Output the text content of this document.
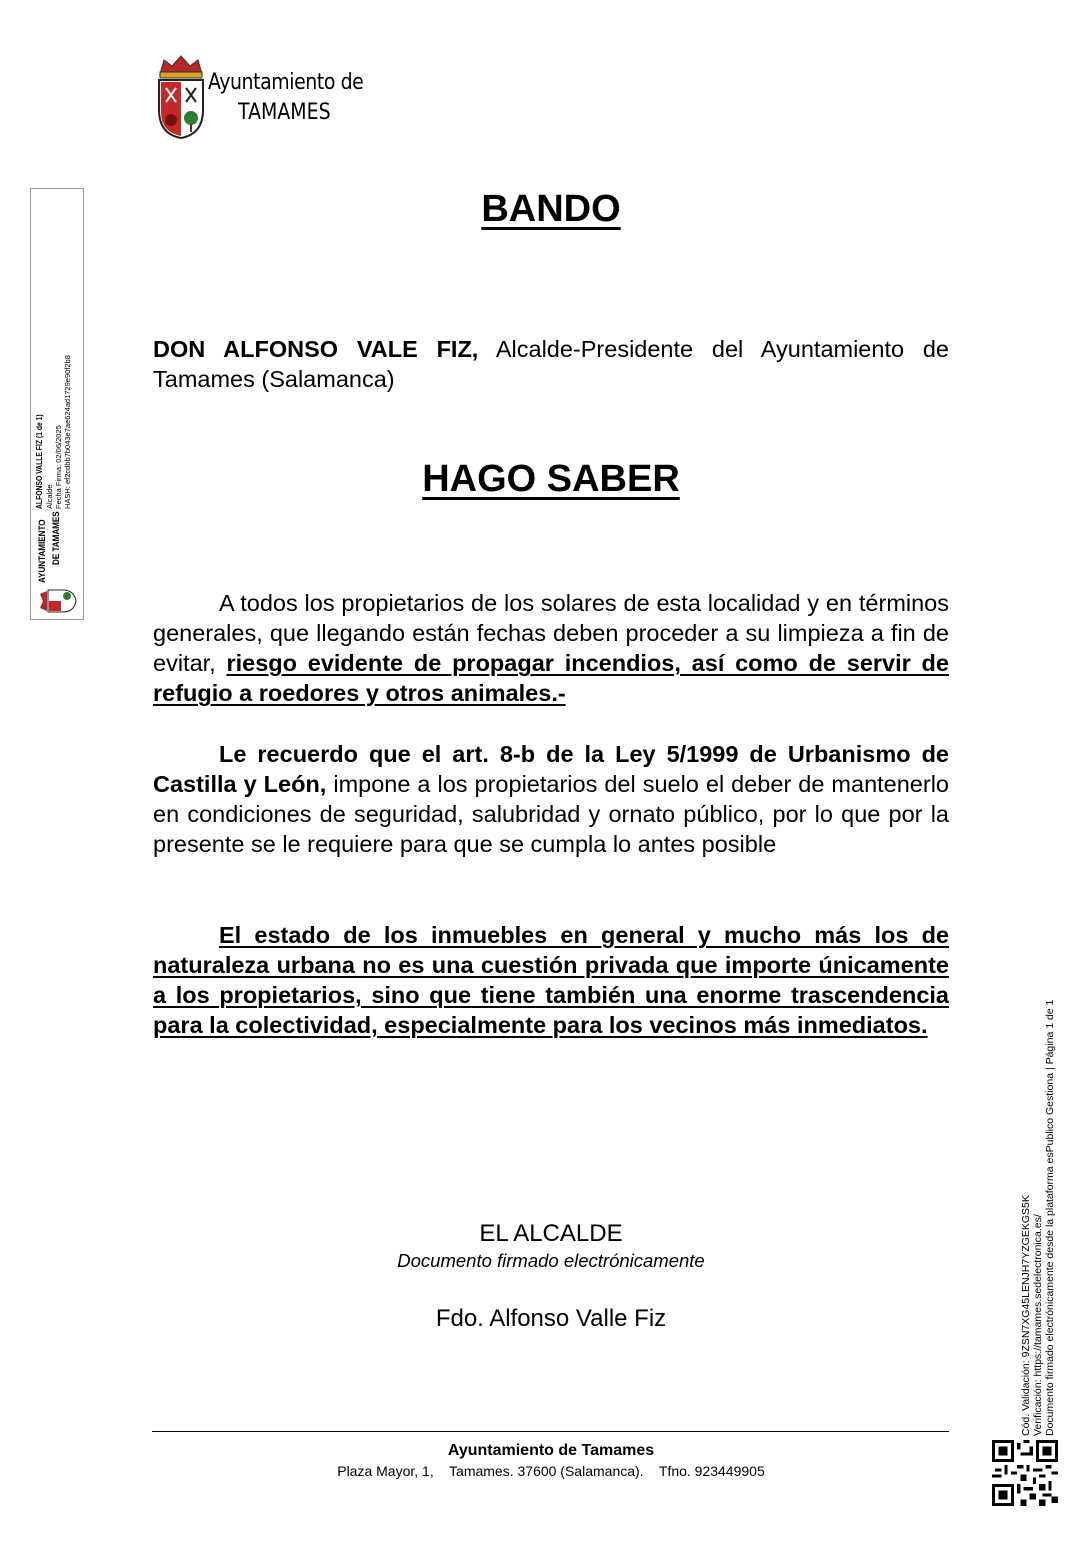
Ayuntamiento de
TAMAMES
AYUNTAMIENTO DE TAMAMES
ALFONSO VALLE FIZ (1 de 1) Alcalde Fecha Firma: 02/06/2025 HASH: ef2cdbb7b043e7ae624ad1729e90f2b8
BANDO
DON ALFONSO VALE FIZ, Alcalde-Presidente del Ayuntamiento de Tamames (Salamanca)
HAGO SABER
A todos los propietarios de los solares de esta localidad y en términos generales, que llegando están fechas deben proceder a su limpieza a fin de evitar, riesgo evidente de propagar incendios, así como de servir de refugio a roedores y otros animales.-
Le recuerdo que el art. 8-b de la Ley 5/1999 de Urbanismo de Castilla y León, impone a los propietarios del suelo el deber de mantenerlo en condiciones de seguridad, salubridad y ornato público, por lo que por la presente se le requiere para que se cumpla lo antes posible
El estado de los inmuebles en general y mucho más los de naturaleza urbana no es una cuestión privada que importe únicamente a los propietarios, sino que tiene también una enorme trascendencia para la colectividad, especialmente para los vecinos más inmediatos.
EL ALCALDE
Documento firmado electrónicamente
Fdo. Alfonso Valle Fiz
Ayuntamiento de Tamames
Plaza Mayor, 1,    Tamames. 37600 (Salamanca).    Tfno. 923449905
Cód. Validación: 9ZSN7XG45LENJH7YZGEKGS5K Verificación: https://tamames.sedelectronica.es/ Documento firmado electrónicamente desde la plataforma esPublico Gestiona | Página 1 de 1
